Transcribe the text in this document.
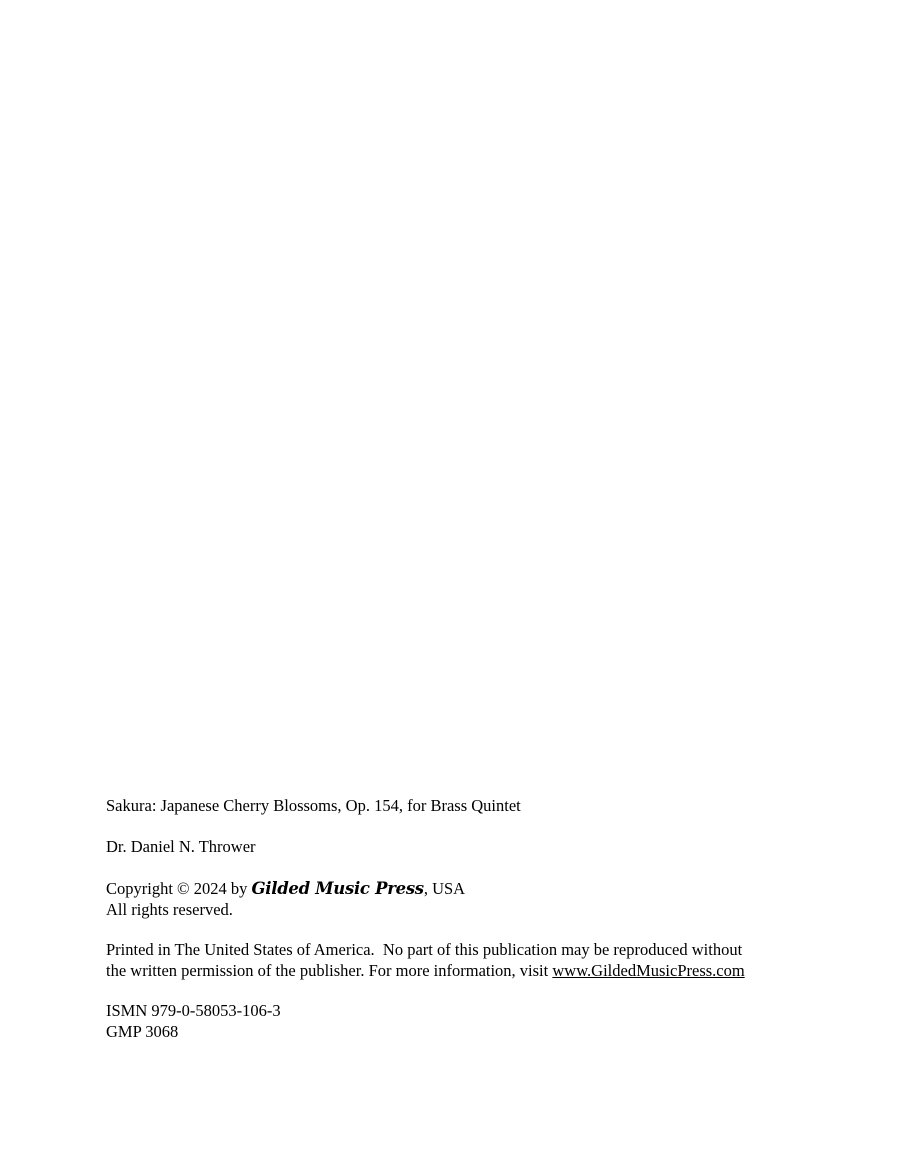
Sakura: Japanese Cherry Blossoms, Op. 154, for Brass Quintet
Dr. Daniel N. Thrower
Copyright © 2024 by Gilded Music Press, USA
All rights reserved.
Printed in The United States of America.  No part of this publication may be reproduced without
the written permission of the publisher. For more information, visit www.GildedMusicPress.com
ISMN 979-0-58053-106-3
GMP 3068
